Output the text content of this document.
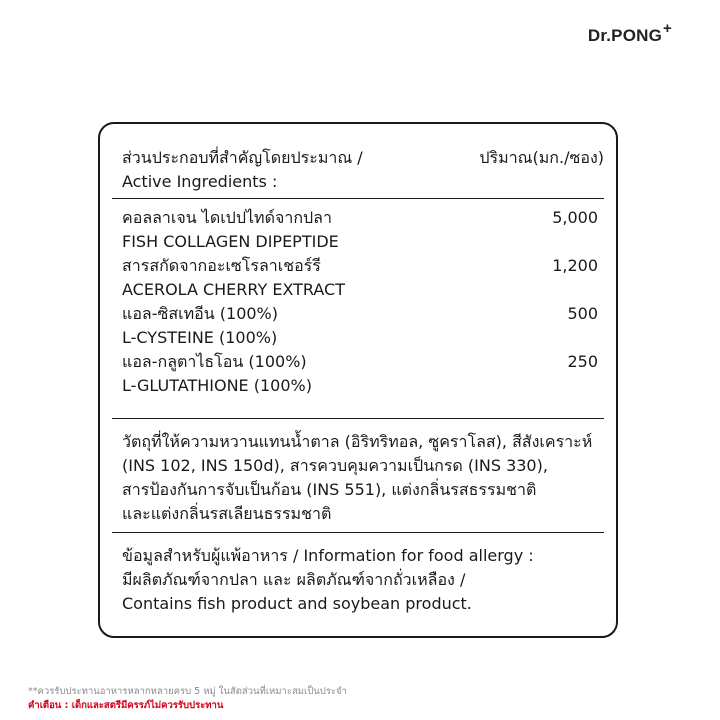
Dr.PONG+
ส่วนประกอบที่สำคัญโดยประมาณ /
Active Ingredients :
ปริมาณ(มก./ซอง)
คอลลาเจน ไดเปปไทด์จากปลา
FISH COLLAGEN DIPEPTIDE
5,000
สารสกัดจากอะเซโรลาเชอร์รี
ACEROLA CHERRY EXTRACT
1,200
แอล-ซิสเทอีน (100%)
L-CYSTEINE (100%)
500
แอล-กลูตาไธโอน (100%)
L-GLUTATHIONE (100%)
250
วัตถุที่ให้ความหวานแทนน้ำตาล (อิริทริทอล, ซูคราโลส), สีสังเคราะห์
(INS 102, INS 150d), สารควบคุมความเป็นกรด (INS 330),
สารป้องกันการจับเป็นก้อน (INS 551), แต่งกลิ่นรสธรรมชาติ
และแต่งกลิ่นรสเลียนธรรมชาติ
ข้อมูลสำหรับผู้แพ้อาหาร / Information for food allergy :
มีผลิตภัณฑ์จากปลา และ ผลิตภัณฑ์จากถั่วเหลือง /
Contains fish product and soybean product.
**ควรรับประทานอาหารหลากหลายครบ 5 หมู่ ในสัดส่วนที่เหมาะสมเป็นประจำ
คำเตือน : เด็กและสตรีมีครรภ์ไม่ควรรับประทาน
